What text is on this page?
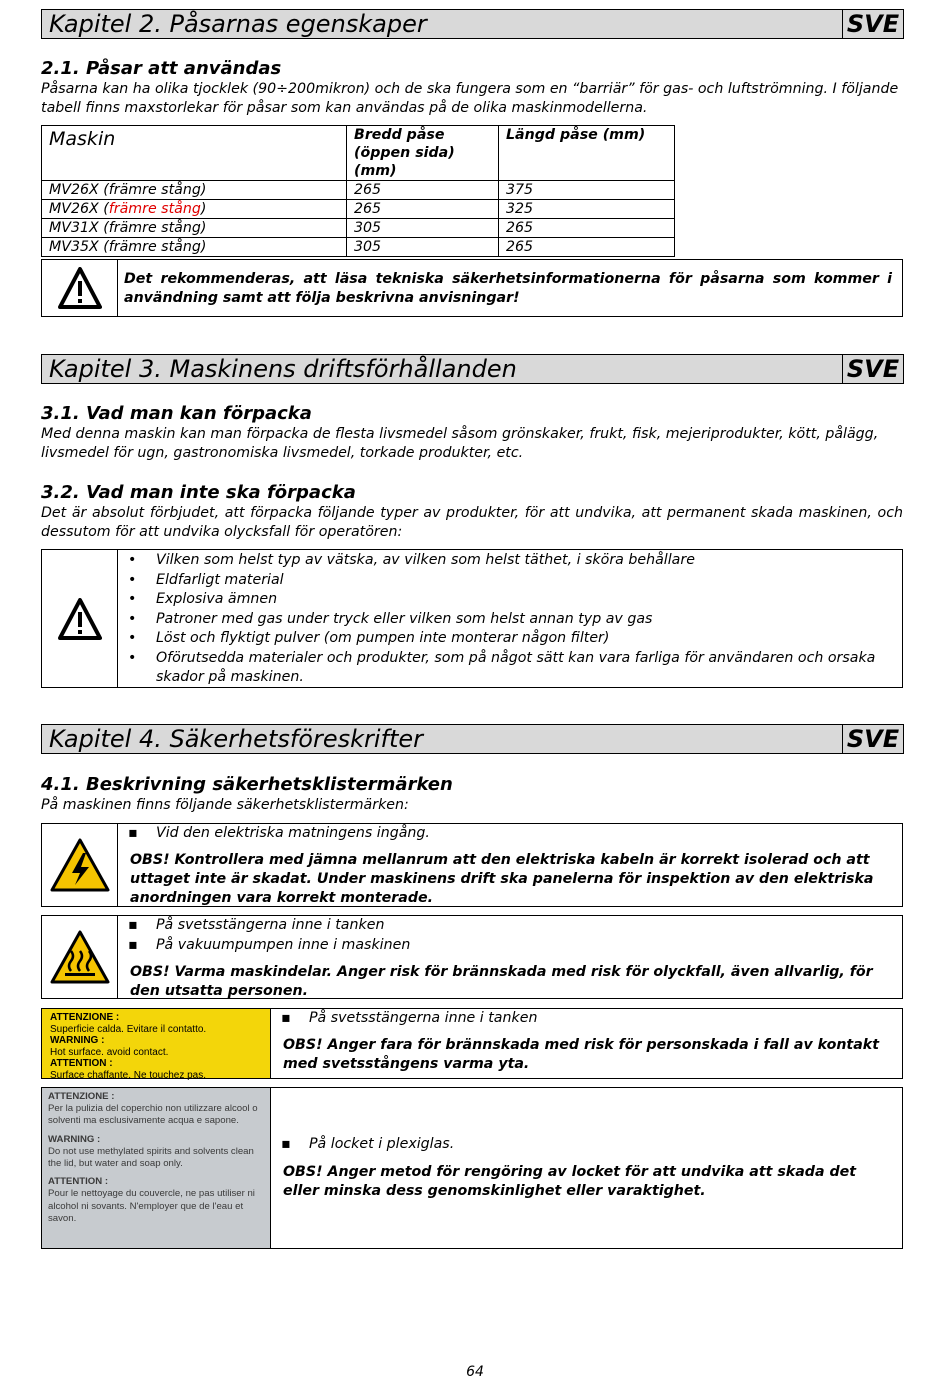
Kapitel 2. Påsarnas egenskaper	SVE
2.1. Påsar att användas
Påsarna kan ha olika tjocklek (90÷200mikron) och de ska fungera som en “barriär” för gas- och luftströmning. I följande tabell finns maxstorlekar för påsar som kan användas på de olika maskinmodellerna.
Maskin	Bredd påse (öppen sida) (mm)	Längd påse (mm)
MV26X (främre stång)	265	375
MV26X (främre stång)	265	325
MV31X (främre stång)	305	265
MV35X (främre stång)	305	265
Det rekommenderas, att läsa tekniska säkerhetsinformationerna för påsarna som kommer i användning samt att följa beskrivna anvisningar!
Kapitel 3. Maskinens driftsförhållanden	SVE
3.1. Vad man kan förpacka
Med denna maskin kan man förpacka de flesta livsmedel såsom grönskaker, frukt, fisk, mejeriprodukter, kött, pålägg, livsmedel för ugn, gastronomiska livsmedel, torkade produkter, etc.
3.2. Vad man inte ska förpacka
Det är absolut förbjudet, att förpacka följande typer av produkter, för att undvika, att permanent skada maskinen, och dessutom för att undvika olycksfall för operatören:
• Vilken som helst typ av vätska, av vilken som helst täthet, i sköra behållare
• Eldfarligt material
• Explosiva ämnen
• Patroner med gas under tryck eller vilken som helst annan typ av gas
• Löst och flyktigt pulver (om pumpen inte monterar någon filter)
• Oförutsedda materialer och produkter, som på något sätt kan vara farliga för användaren och orsaka skador på maskinen.
Kapitel 4. Säkerhetsföreskrifter	SVE
4.1. Beskrivning säkerhetsklistermärken
På maskinen finns följande säkerhetsklistermärken:
▪ Vid den elektriska matningens ingång.
OBS! Kontrollera med jämna mellanrum att den elektriska kabeln är korrekt isolerad och att uttaget inte är skadat. Under maskinens drift ska panelerna för inspektion av den elektriska anordningen vara korrekt monterade.
▪ På svetsstängerna inne i tanken
▪ På vakuumpumpen inne i maskinen
OBS! Varma maskindelar. Anger risk för brännskada med risk för olyckfall, även allvarlig, för den utsatta personen.
ATTENZIONE :
Superficie calda. Evitare il contatto.
WARNING :
Hot surface. avoid contact.
ATTENTION :
Surface chaffante. Ne touchez pas.
▪ På svetsstängerna inne i tanken
OBS! Anger fara för brännskada med risk för personskada i fall av kontakt med svetsstångens varma yta.
ATTENZIONE :
Per la pulizia del coperchio non utilizzare alcool o solventi ma esclusivamente acqua e sapone.
WARNING :
Do not use methylated spirits and solvents clean the lid, but water and soap only.
ATTENTION :
Pour le nettoyage du couvercle, ne pas utiliser ni alcohol ni sovants. N'employer que de l'eau et savon.
▪ På locket i plexiglas.
OBS! Anger metod för rengöring av locket för att undvika att skada det eller minska dess genomskinlighet eller varaktighet.
64
